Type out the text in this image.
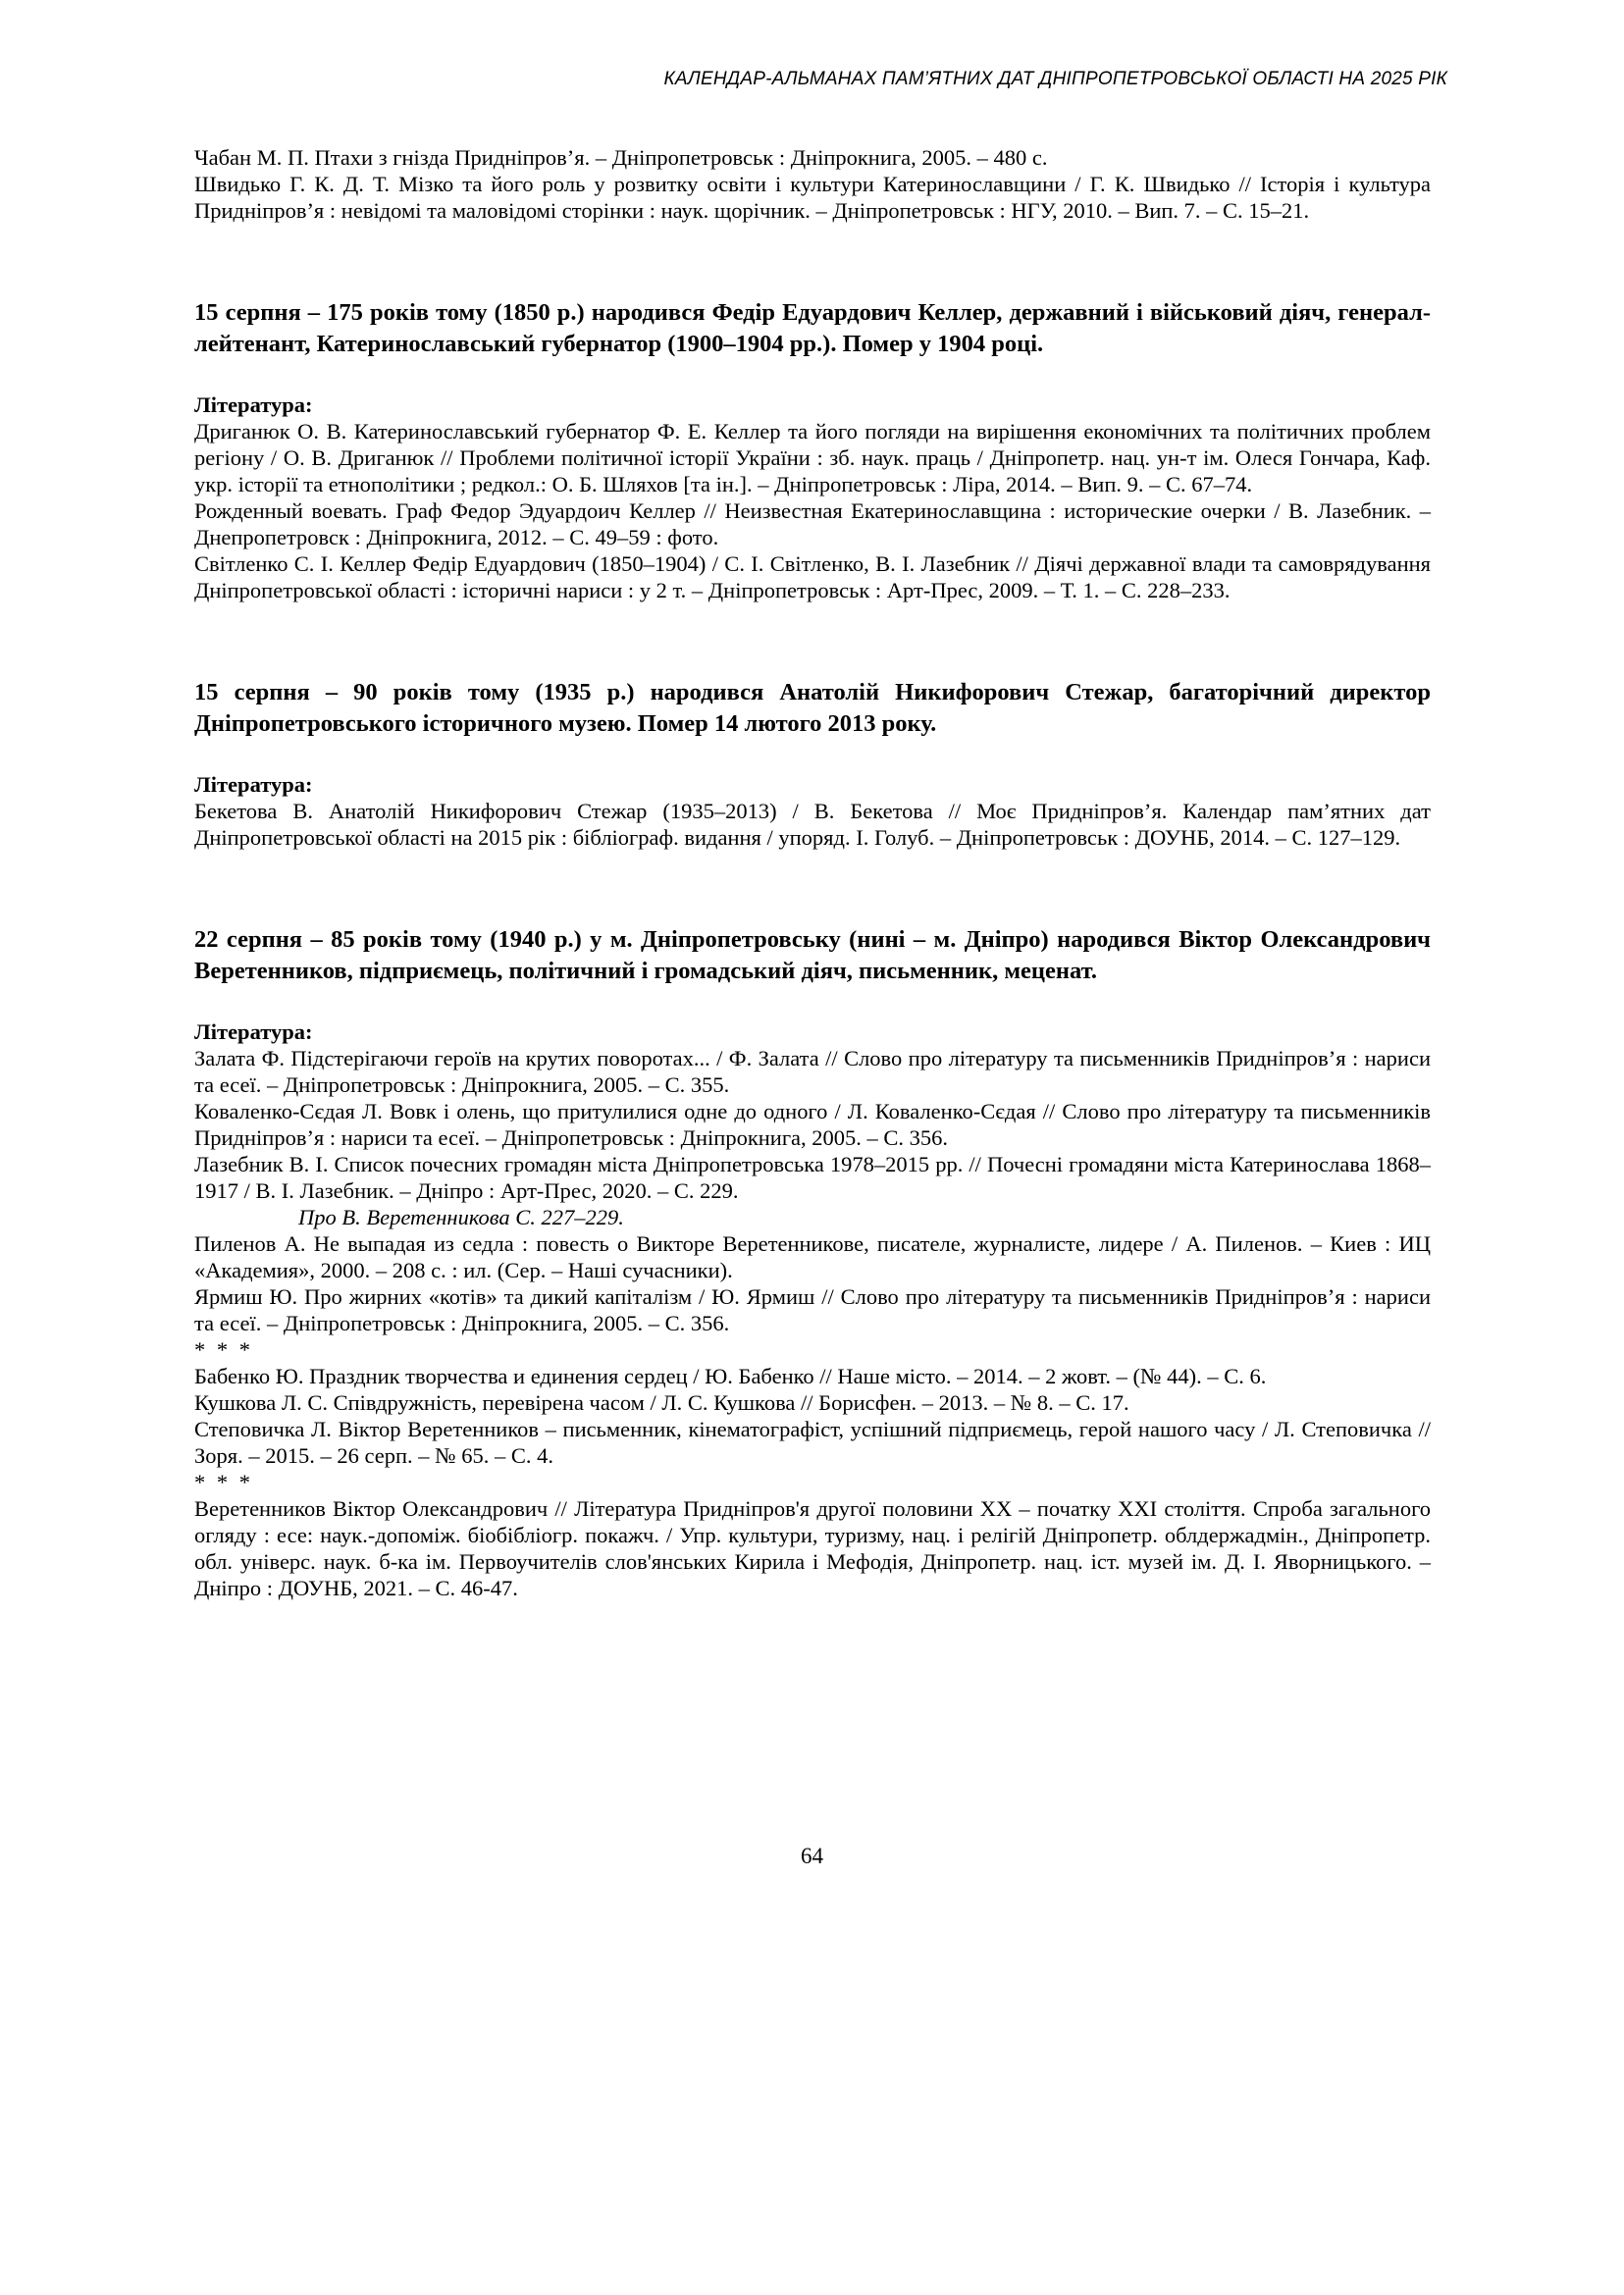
КАЛЕНДАР-АЛЬМАНАХ ПАМ’ЯТНИХ ДАТ ДНІПРОПЕТРОВСЬКОЇ ОБЛАСТІ НА 2025 РІК

Чабан М. П. Птахи з гнізда Придніпров’я. – Дніпропетровськ : Дніпрокнига, 2005. – 480 с.

Швидько Г. К. Д. Т. Мізко та його роль у розвитку освіти і культури Катеринославщини / Г. К. Швидько // Історія і культура Придніпров’я : невідомі та маловідомі сторінки : наук. щорічник. – Дніпропетровськ : НГУ, 2010. – Вип. 7. – С. 15–21.

15 серпня – 175 років тому (1850 р.) народився Федір Едуардович Келлер, державний і військовий діяч, генерал-лейтенант, Катеринославський губернатор (1900–1904 рр.). Помер у 1904 році.

Література:

Дриганюк О. В. Катеринославський губернатор Ф. Е. Келлер та його погляди на вирішення економічних та політичних проблем регіону / О. В. Дриганюк // Проблеми політичної історії України : зб. наук. праць / Дніпропетр. нац. ун-т ім. Олеся Гончара, Каф. укр. історії та етнополітики ; редкол.: О. Б. Шляхов [та ін.]. – Дніпропетровськ : Ліра, 2014. – Вип. 9. – С. 67–74.

Рожденный воевать. Граф Федор Эдуардоич Келлер // Неизвестная Екатеринославщина : исторические очерки / В. Лазебник. – Днепропетровск : Дніпрокнига, 2012. – С. 49–59 : фото.

Світленко С. І. Келлер Федір Едуардович (1850–1904) / С. І. Світленко, В. І. Лазебник // Діячі державної влади та самоврядування Дніпропетровської області : історичні нариси : у 2 т. – Дніпропетровськ : Арт-Прес, 2009. – Т. 1. – С. 228–233.

15 серпня – 90 років тому (1935 р.) народився Анатолій Никифорович Стежар, багаторічний директор Дніпропетровського історичного музею. Помер 14 лютого 2013 року.

Література:

Бекетова В. Анатолій Никифорович Стежар (1935–2013) / В. Бекетова // Моє Придніпров’я. Календар пам’ятних дат Дніпропетровської області на 2015 рік : бібліограф. видання / упоряд. І. Голуб. – Дніпропетровськ : ДОУНБ, 2014. – С. 127–129.

22 серпня – 85 років тому (1940 р.) у м. Дніпропетровську (нині – м. Дніпро) народився Віктор Олександрович Веретенников, підприємець, політичний і громадський діяч, письменник, меценат.

Література:

Залата Ф. Підстерігаючи героїв на крутих поворотах... / Ф. Залата // Слово про літературу та письменників Придніпров’я : нариси та есеї. – Дніпропетровськ : Дніпрокнига, 2005. – С. 355.

Коваленко-Сєдая Л. Вовк і олень, що притулилися одне до одного / Л. Коваленко-Сєдая // Слово про літературу та письменників Придніпров’я : нариси та есеї. – Дніпропетровськ : Дніпрокнига, 2005. – С. 356.

Лазебник В. І. Список почесних громадян міста Дніпропетровська 1978–2015 рр. // Почесні громадяни міста Катеринослава 1868–1917 / В. І. Лазебник. – Дніпро : Арт-Прес, 2020. – С. 229.

Про В. Веретенникова С. 227–229.

Пиленов А. Не выпадая из седла : повесть о Викторе Веретенникове, писателе, журналисте, лидере / А. Пиленов. – Киев : ИЦ «Академия», 2000. – 208 с. : ил. (Сер. – Наші сучасники).

Ярмиш Ю. Про жирних «котів» та дикий капіталізм / Ю. Ярмиш // Слово про літературу та письменників Придніпров’я : нариси та есеї. – Дніпропетровськ : Дніпрокнига, 2005. – С. 356.

* * *

Бабенко Ю. Праздник творчества и единения сердец / Ю. Бабенко // Наше місто. – 2014. – 2 жовт. – (№ 44). – С. 6.

Кушкова Л. С. Співдружність, перевірена часом / Л. С. Кушкова // Борисфен. – 2013. – № 8. – С. 17.

Степовичка Л. Віктор Веретенников – письменник, кінематографіст, успішний підприємець, герой нашого часу / Л. Степовичка // Зоря. – 2015. – 26 серп. – № 65. – С. 4.

* * *

Веретенников Віктор Олександрович // Література Придніпров'я другої половини XX – початку XXI століття. Спроба загального огляду : есе: наук.-допоміж. біобібліогр. покажч. / Упр. культури, туризму, нац. і релігій Дніпропетр. облдержадмін., Дніпропетр. обл. універс. наук. б-ка ім. Первоучителів слов'янських Кирила і Мефодія, Дніпропетр. нац. іст. музей ім. Д. І. Яворницького. – Дніпро : ДОУНБ, 2021. – С. 46-47.

64
